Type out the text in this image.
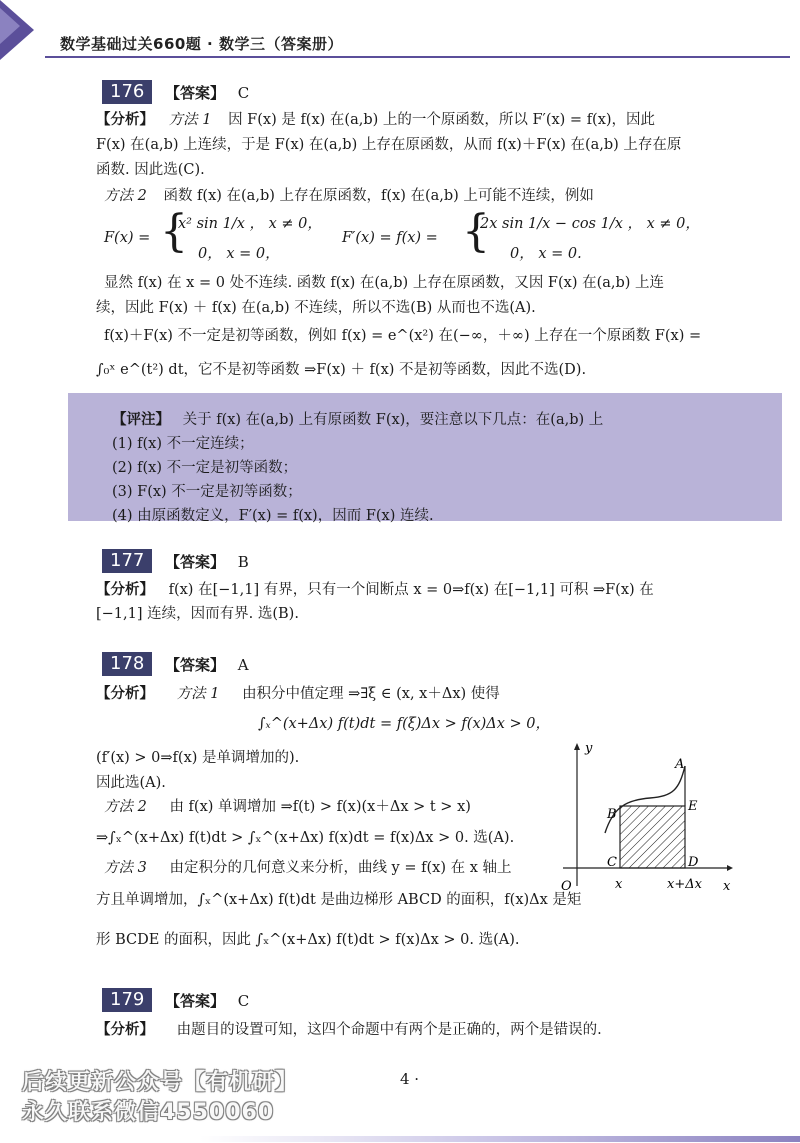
数学基础过关660题 · 数学三（答案册）
176	【答案】 C
【分析】 方法 1 因 F(x) 是 f(x) 在(a,b) 上的一个原函数，所以 F′(x) = f(x)，因此
F(x) 在(a,b) 上连续，于是 F(x) 在(a,b) 上存在原函数，从而 f(x)＋F(x) 在(a,b) 上存在原
函数. 因此选(C).
方法 2 函数 f(x) 在(a,b) 上存在原函数，f(x) 在(a,b) 上可能不连续，例如
F(x) = {
x² sin 1/x ， x ≠ 0，
0， x = 0，
F′(x) = f(x) = {
2x sin 1/x − cos 1/x ， x ≠ 0，
0， x = 0.
显然 f(x) 在 x = 0 处不连续. 函数 f(x) 在(a,b) 上存在原函数，又因 F(x) 在(a,b) 上连
续，因此 F(x) ＋ f(x) 在(a,b) 不连续，所以不选(B) 从而也不选(A).
f(x)＋F(x) 不一定是初等函数，例如 f(x) = e^(x²) 在(−∞，＋∞) 上存在一个原函数 F(x) =
∫₀ˣ e^(t²) dt，它不是初等函数 ⇒F(x) ＋ f(x) 不是初等函数，因此不选(D).
【评注】 关于 f(x) 在(a,b) 上有原函数 F(x)，要注意以下几点：在(a,b) 上
(1) f(x) 不一定连续；
(2) f(x) 不一定是初等函数；
(3) F(x) 不一定是初等函数；
(4) 由原函数定义，F′(x) = f(x)，因而 F(x) 连续.
177	【答案】 B
【分析】 f(x) 在[−1,1] 有界，只有一个间断点 x = 0⇒f(x) 在[−1,1] 可积 ⇒F(x) 在
[−1,1] 连续，因而有界. 选(B).
178	【答案】 A
【分析】 方法 1 由积分中值定理 ⇒∃ξ ∈ (x, x＋Δx) 使得
∫ₓ^(x+Δx) f(t)dt = f(ξ)Δx > f(x)Δx > 0，
(f′(x) > 0⇒f(x) 是单调增加的).
因此选(A).
方法 2 由 f(x) 单调增加 ⇒f(t) > f(x)(x＋Δx > t > x)
⇒∫ₓ^(x+Δx) f(t)dt > ∫ₓ^(x+Δx) f(x)dt = f(x)Δx > 0. 选(A).
方法 3 由定积分的几何意义来分析，曲线 y = f(x) 在 x 轴上
方且单调增加，∫ₓ^(x+Δx) f(t)dt 是曲边梯形 ABCD 的面积，f(x)Δx 是矩
形 BCDE 的面积，因此 ∫ₓ^(x+Δx) f(t)dt > f(x)Δx > 0. 选(A).
y
x
O
A
B
C	D
E
x	x+Δx
179	【答案】 C
【分析】 由题目的设置可知，这四个命题中有两个是正确的，两个是错误的.
4 ·
后续更新公众号【有机研】
永久联系微信4550060
